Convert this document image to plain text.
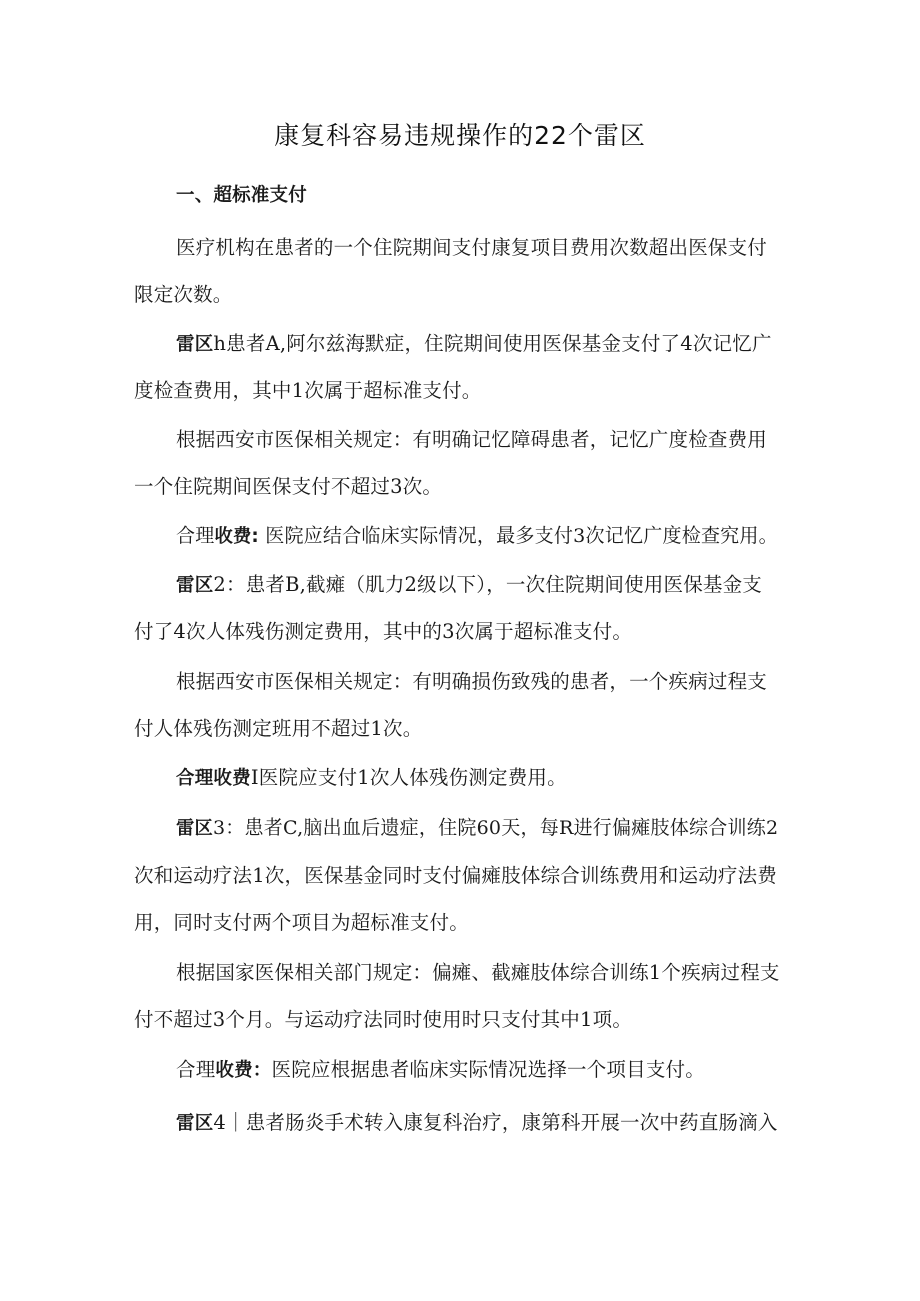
康复科容易违规操作的22个雷区
一、超标准支付
医疗机构在患者的一个住院期间支付康复项目费用次数超出医保支付
限定次数。
雷区h患者A,阿尔兹海默症，住院期间使用医保基金支付了4次记忆广
度检查费用，其中1次属于超标准支付。
根据西安市医保相关规定：有明确记忆障碍患者，记忆广度检查费用
一个住院期间医保支付不超过3次。
合理收费: 医院应结合临床实际情况，最多支付3次记忆广度检查究用。
雷区2：患者B,截瘫（肌力2级以下），一次住院期间使用医保基金支
付了4次人体残伤测定费用，其中的3次属于超标准支付。
根据西安市医保相关规定：有明确损伤致残的患者，一个疾病过程支
付人体残伤测定班用不超过1次。
合理收费I医院应支付1次人体残伤测定费用。
雷区3：患者C,脑出血后遗症，住院60天，每R进行偏瘫肢体综合训练2
次和运动疗法1次，医保基金同时支付偏瘫肢体综合训练费用和运动疗法费
用，同时支付两个项目为超标准支付。
根据国家医保相关部门规定：偏瘫、截瘫肢体综合训练1个疾病过程支
付不超过3个月。与运动疗法同时使用时只支付其中1项。
合理收费：医院应根据患者临床实际情况选择一个项目支付。
雷区4｜患者肠炎手术转入康复科治疗，康第科开展一次中药直肠滴入
